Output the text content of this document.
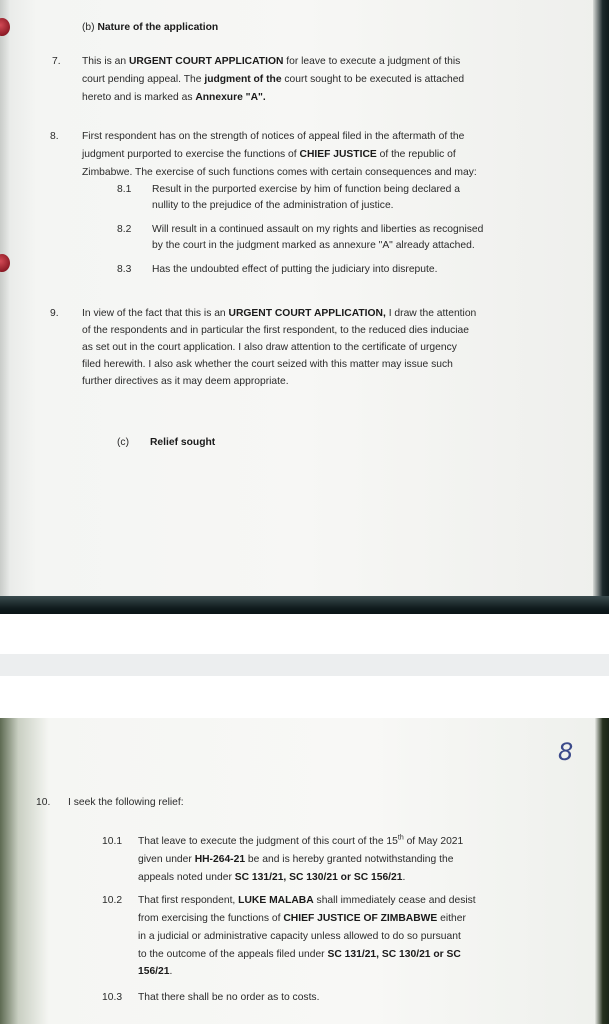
(b) Nature of the application
7. This is an URGENT COURT APPLICATION for leave to execute a judgment of this
court pending appeal. The judgment of the court sought to be executed is attached
hereto and is marked as Annexure "A".
8. First respondent has on the strength of notices of appeal filed in the aftermath of the
judgment purported to exercise the functions of CHIEF JUSTICE of the republic of
Zimbabwe. The exercise of such functions comes with certain consequences and may:
8.1 Result in the purported exercise by him of function being declared a
nullity to the prejudice of the administration of justice.
8.2 Will result in a continued assault on my rights and liberties as recognised
by the court in the judgment marked as annexure "A" already attached.
8.3 Has the undoubted effect of putting the judiciary into disrepute.
9. In view of the fact that this is an URGENT COURT APPLICATION, I draw the attention
of the respondents and in particular the first respondent, to the reduced dies induciae
as set out in the court application. I also draw attention to the certificate of urgency
filed herewith. I also ask whether the court seized with this matter may issue such
further directives as it may deem appropriate.
(c) Relief sought
8
10. I seek the following relief:
10.1 That leave to execute the judgment of this court of the 15th of May 2021
given under HH-264-21 be and is hereby granted notwithstanding the
appeals noted under SC 131/21, SC 130/21 or SC 156/21.
10.2 That first respondent, LUKE MALABA shall immediately cease and desist
from exercising the functions of CHIEF JUSTICE OF ZIMBABWE either
in a judicial or administrative capacity unless allowed to do so pursuant
to the outcome of the appeals filed under SC 131/21, SC 130/21 or SC
156/21.
10.3 That there shall be no order as to costs.
